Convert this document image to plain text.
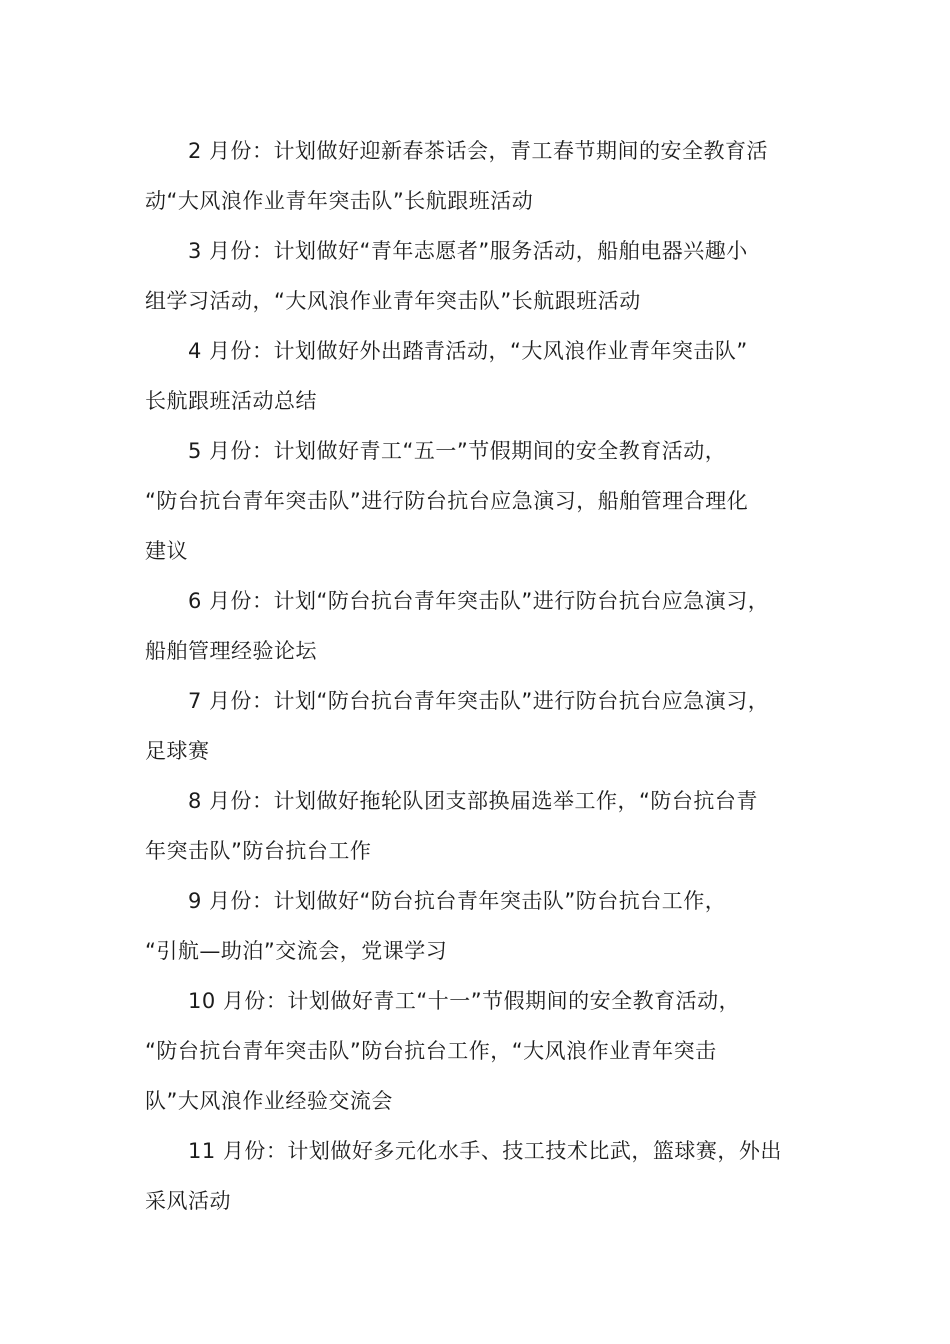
2 月份：计划做好迎新春茶话会，青工春节期间的安全教育活
动“大风浪作业青年突击队”长航跟班活动
3 月份：计划做好“青年志愿者”服务活动，船舶电器兴趣小
组学习活动，“大风浪作业青年突击队”长航跟班活动
4 月份：计划做好外出踏青活动，“大风浪作业青年突击队”
长航跟班活动总结
5 月份：计划做好青工“五一”节假期间的安全教育活动，
“防台抗台青年突击队”进行防台抗台应急演习，船舶管理合理化
建议
6 月份：计划“防台抗台青年突击队”进行防台抗台应急演习，
船舶管理经验论坛
7 月份：计划“防台抗台青年突击队”进行防台抗台应急演习，
足球赛
8 月份：计划做好拖轮队团支部换届选举工作，“防台抗台青
年突击队”防台抗台工作
9 月份：计划做好“防台抗台青年突击队”防台抗台工作，
“引航—助泊”交流会，党课学习
10 月份：计划做好青工“十一”节假期间的安全教育活动，
“防台抗台青年突击队”防台抗台工作，“大风浪作业青年突击
队”大风浪作业经验交流会
11 月份：计划做好多元化水手、技工技术比武，篮球赛，外出
采风活动
